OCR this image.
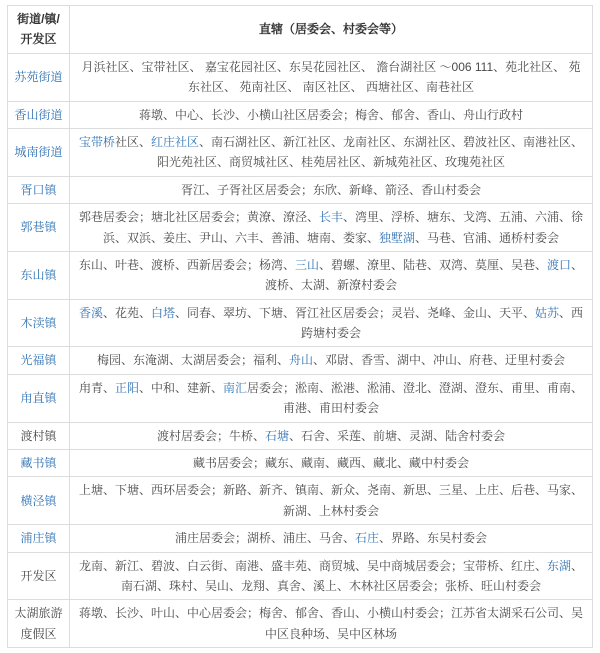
街道/镇/开发区	直辖（居委会、村委会等）
苏苑街道	月浜社区、宝带社区、 嘉宝花园社区、东吴花园社区、 澹台湖社区 ～006 111、苑北社区、 苑东社区、 苑南社区、 南区社区、 西塘社区、南巷社区
香山街道	蒋墩、中心、长沙、小横山社区居委会；梅舍、郁舍、香山、舟山行政村
城南街道	宝带桥社区、红庄社区、南石湖社区、新江社区、龙南社区、东湖社区、碧波社区、南港社区、阳光苑社区、商贸城社区、桂苑居社区、新城苑社区、玫瑰苑社区
胥口镇	胥江、子胥社区居委会；东欣、新峰、箭泾、香山村委会
郭巷镇	郭巷居委会；塘北社区居委会；黄潦、潦泾、长丰、湾里、浮桥、塘东、戈湾、五浦、六浦、徐浜、双浜、姜庄、尹山、六丰、善浦、塘南、娄家、独墅湖、马巷、官浦、通桥村委会
东山镇	东山、叶巷、渡桥、西新居委会；杨湾、三山、碧螺、潦里、陆巷、双湾、莫厘、吴巷、渡口、渡桥、太湖、新潦村委会
木渎镇	香溪、花苑、白塔、同春、翠坊、下塘、胥江社区居委会；灵岩、尧峰、金山、天平、姑苏、西跨塘村委会
光福镇	梅园、东淹湖、太湖居委会；福利、舟山、邓尉、香雪、湖中、冲山、府巷、迂里村委会
甪直镇	甪青、正阳、中和、建新、南汇居委会；淞南、淞港、淞浦、澄北、澄湖、澄东、甫里、甫南、甫港、甫田村委会
渡村镇	渡村居委会；牛桥、石塘、石舍、采莲、前塘、灵湖、陆舍村委会
藏书镇	藏书居委会；藏东、藏南、藏西、藏北、藏中村委会
横泾镇	上塘、下塘、西环居委会；新路、新齐、镇南、新众、尧南、新思、三星、上庄、后巷、马家、新湖、上林村委会
浦庄镇	浦庄居委会；湖桥、浦庄、马舍、石庄、界路、东吴村委会
开发区	龙南、新江、碧波、白云街、南港、盛丰苑、商贸城、吴中商城居委会；宝带桥、红庄、东湖、南石湖、珠村、吴山、龙翔、真舍、溪上、木林社区居委会；张桥、旺山村委会
太湖旅游度假区	蒋墩、长沙、叶山、中心居委会；梅舍、郁舍、香山、小横山村委会；江苏省太湖采石公司、吴中区良种场、吴中区林场
